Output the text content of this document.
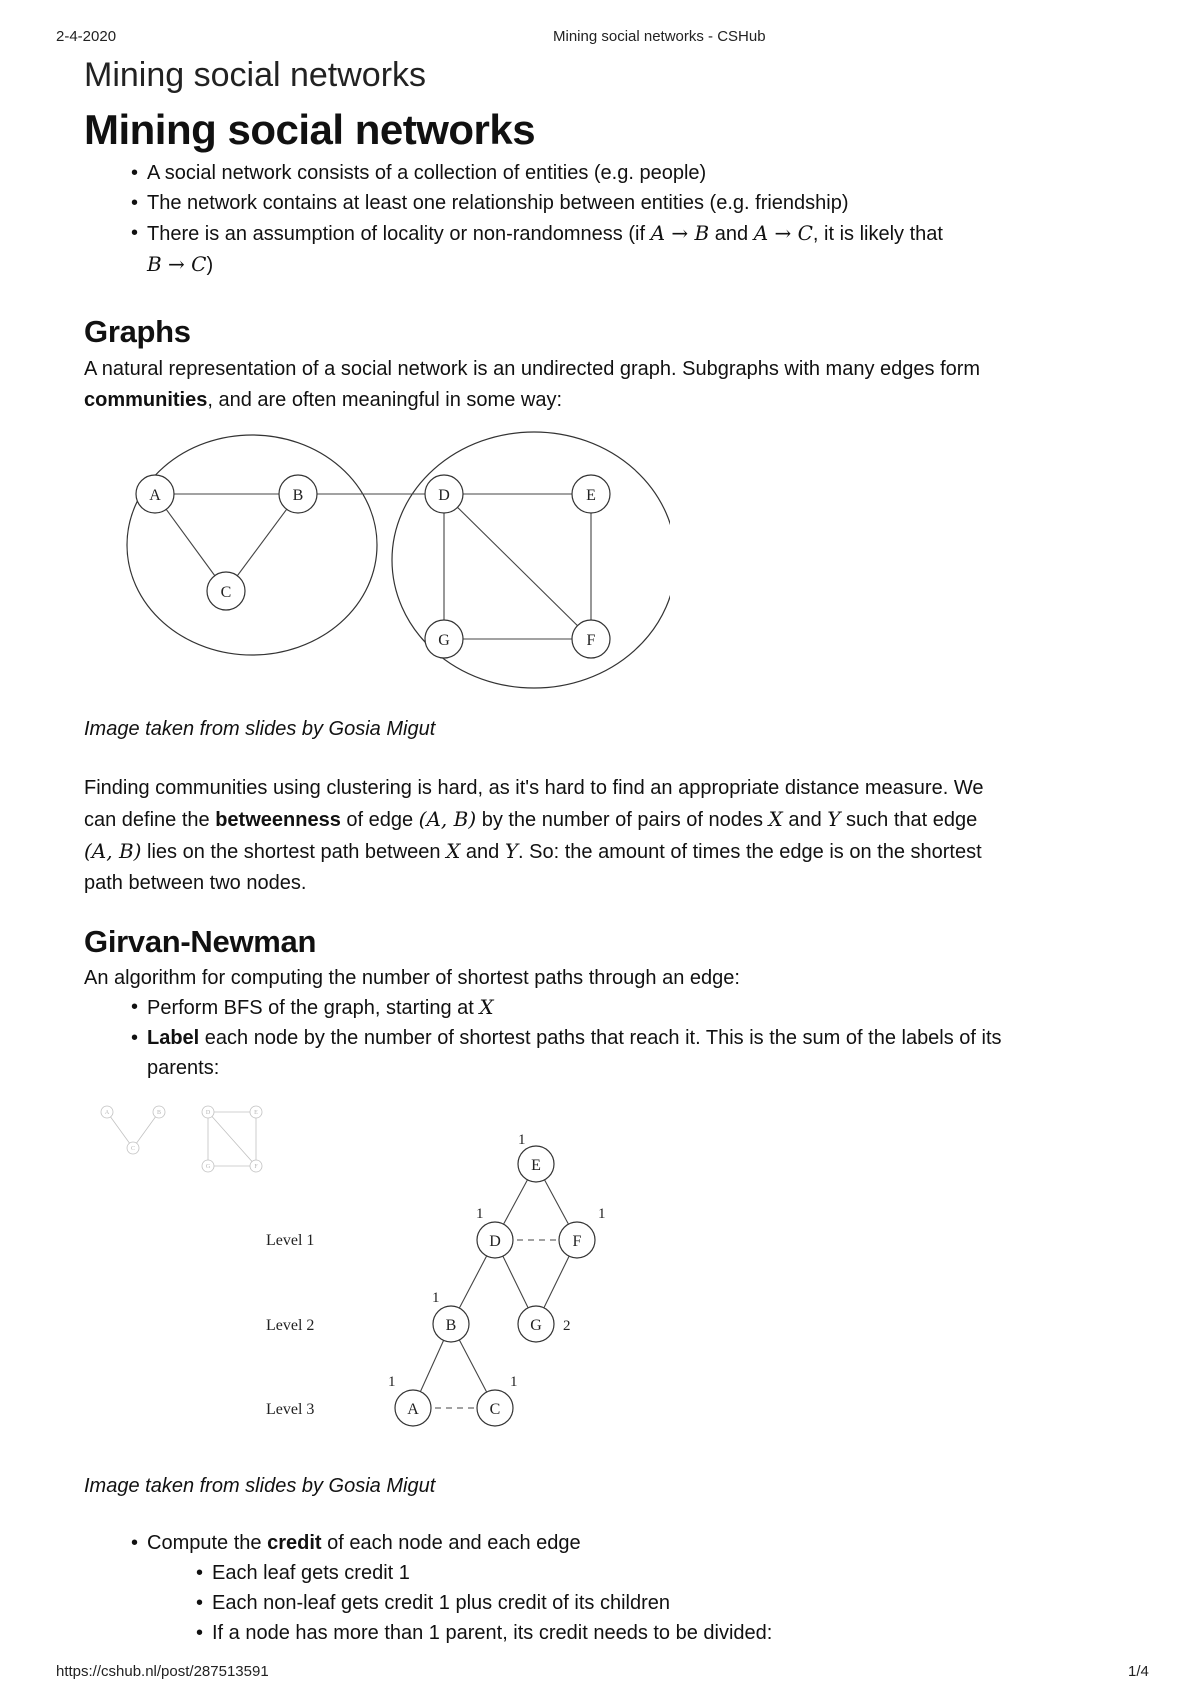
2-4-2020	Mining social networks - CSHub
Mining social networks
Mining social networks
• A social network consists of a collection of entities (e.g. people)
• The network contains at least one relationship between entities (e.g. friendship)
• There is an assumption of locality or non-randomness (if A → B and A → C, it is likely that
B → C)
Graphs
A natural representation of a social network is an undirected graph. Subgraphs with many edges form
communities, and are often meaningful in some way:
A	B
C
D	E
G	F
Image taken from slides by Gosia Migut
Finding communities using clustering is hard, as it's hard to find an appropriate distance measure. We
can define the betweenness of edge (A, B) by the number of pairs of nodes X and Y such that edge
(A, B) lies on the shortest path between X and Y. So: the amount of times the edge is on the shortest
path between two nodes.
Girvan-Newman
An algorithm for computing the number of shortest paths through an edge:
• Perform BFS of the graph, starting at X
• Label each node by the number of shortest paths that reach it. This is the sum of the labels of its
parents:
A	B
C
D	E
G	F
Level 1
Level 2
Level 3
E
D	F
B	G
A	C
1
1	1
1
2
1	1
Image taken from slides by Gosia Migut
• Compute the credit of each node and each edge
• Each leaf gets credit 1
• Each non-leaf gets credit 1 plus credit of its children
• If a node has more than 1 parent, its credit needs to be divided:
https://cshub.nl/post/287513591	1/4
